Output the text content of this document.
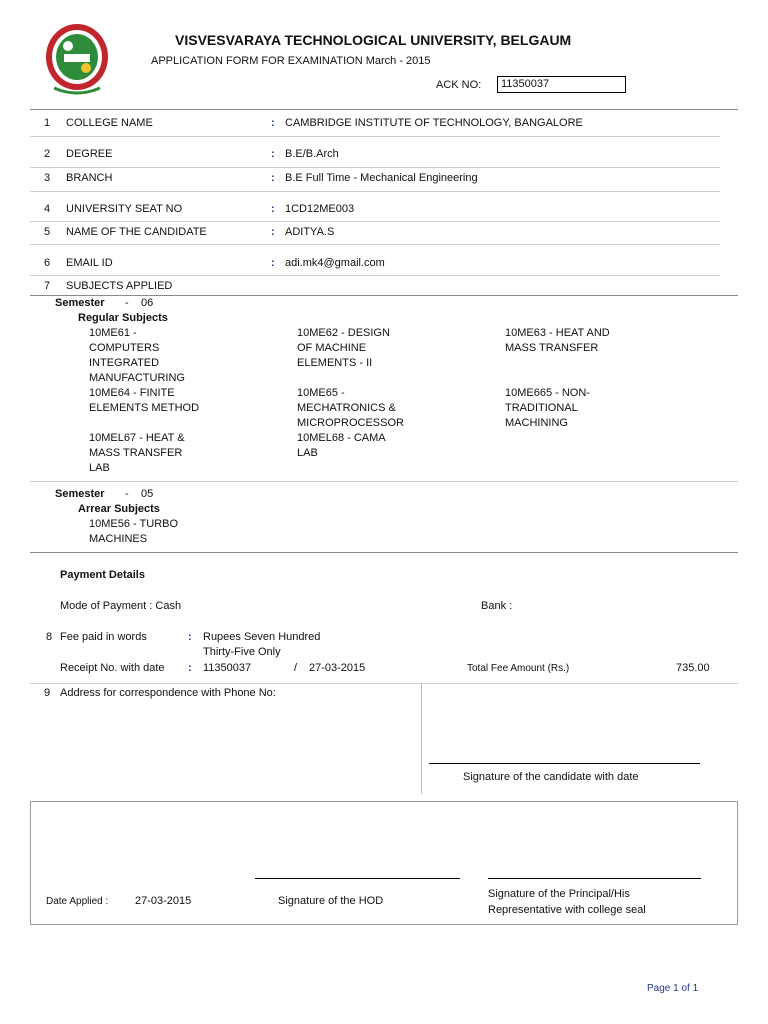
VISVESVARAYA TECHNOLOGICAL UNIVERSITY, BELGAUM
APPLICATION FORM FOR EXAMINATION March - 2015
ACK NO:	11350037
1 COLLEGE NAME	: CAMBRIDGE INSTITUTE OF TECHNOLOGY, BANGALORE
2 DEGREE	: B.E/B.Arch
3 BRANCH	: B.E Full Time - Mechanical Engineering
4 UNIVERSITY SEAT NO	: 1CD12ME003
5 NAME OF THE CANDIDATE	: ADITYA.S
6 EMAIL ID	: adi.mk4@gmail.com
7 SUBJECTS APPLIED
Semester - 06
Regular Subjects
10ME61 - COMPUTERS INTEGRATED MANUFACTURING
10ME62 - DESIGN OF MACHINE ELEMENTS - II
10ME63 - HEAT AND MASS TRANSFER
10ME64 - FINITE ELEMENTS METHOD
10ME65 - MECHATRONICS & MICROPROCESSOR
10ME665 - NON-TRADITIONAL MACHINING
10MEL67 - HEAT & MASS TRANSFER LAB
10MEL68 - CAMA LAB
Semester - 05
Arrear Subjects
10ME56 - TURBO MACHINES
Payment Details
Mode of Payment : Cash	Bank :
8 Fee paid in words	: Rupees Seven Hundred Thirty-Five Only
Receipt No. with date : 11350037	/ 27-03-2015	Total Fee Amount (Rs.)	735.00
9 Address for correspondence with Phone No:
Signature of the candidate with date
Date Applied : 27-03-2015	Signature of the HOD
Signature of the Principal/His Representative with college seal
Page 1 of 1
